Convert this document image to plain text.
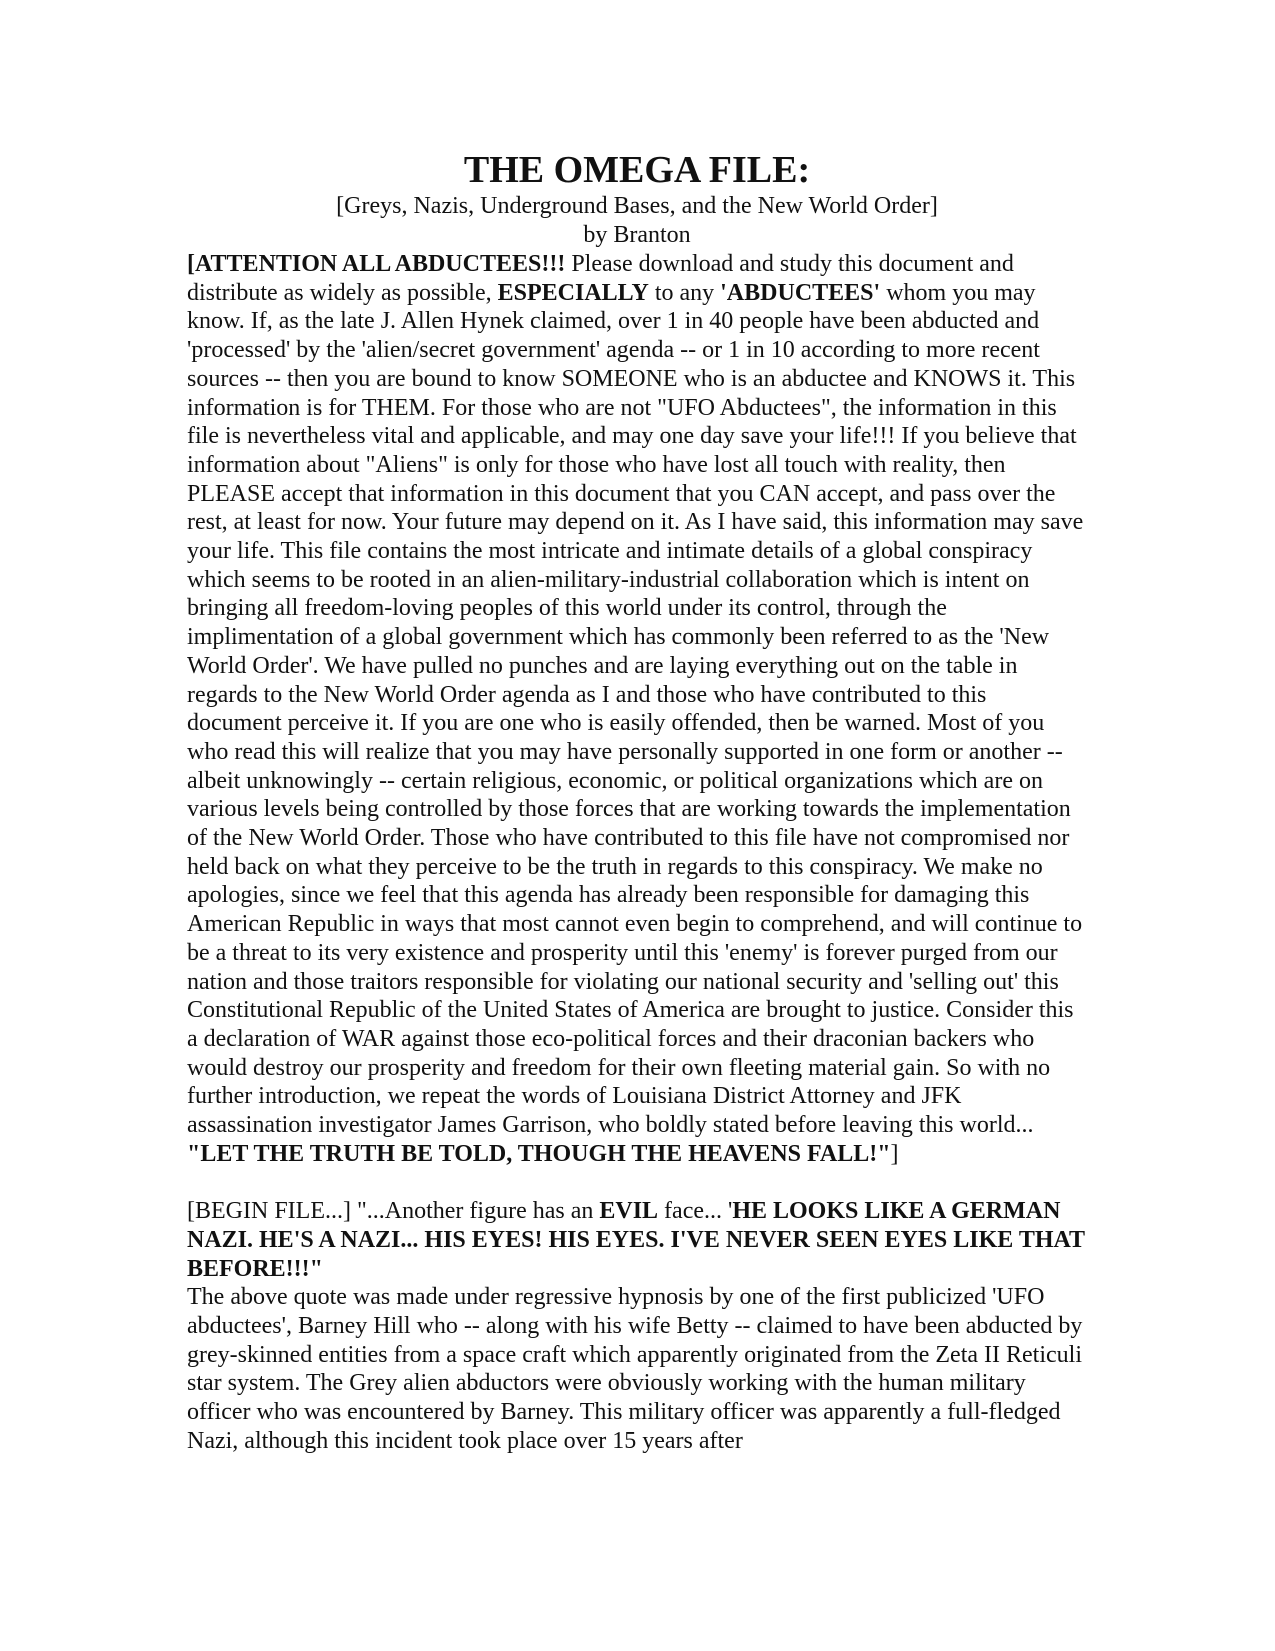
THE OMEGA FILE:
[Greys, Nazis, Underground Bases, and the New World Order]
by Branton

[ATTENTION ALL ABDUCTEES!!! Please download and study this document and distribute as widely as possible, ESPECIALLY to any 'ABDUCTEES' whom you may know. If, as the late J. Allen Hynek claimed, over 1 in 40 people have been abducted and 'processed' by the 'alien/secret government' agenda -- or 1 in 10 according to more recent sources -- then you are bound to know SOMEONE who is an abductee and KNOWS it. This information is for THEM. For those who are not "UFO Abductees", the information in this file is nevertheless vital and applicable, and may one day save your life!!! If you believe that information about "Aliens" is only for those who have lost all touch with reality, then PLEASE accept that information in this document that you CAN accept, and pass over the rest, at least for now. Your future may depend on it. As I have said, this information may save your life. This file contains the most intricate and intimate details of a global conspiracy which seems to be rooted in an alien-military-industrial collaboration which is intent on bringing all freedom-loving peoples of this world under its control, through the implimentation of a global government which has commonly been referred to as the 'New World Order'. We have pulled no punches and are laying everything out on the table in regards to the New World Order agenda as I and those who have contributed to this document perceive it. If you are one who is easily offended, then be warned. Most of you who read this will realize that you may have personally supported in one form or another -- albeit unknowingly -- certain religious, economic, or political organizations which are on various levels being controlled by those forces that are working towards the implementation of the New World Order. Those who have contributed to this file have not compromised nor held back on what they perceive to be the truth in regards to this conspiracy. We make no apologies, since we feel that this agenda has already been responsible for damaging this American Republic in ways that most cannot even begin to comprehend, and will continue to be a threat to its very existence and prosperity until this 'enemy' is forever purged from our nation and those traitors responsible for violating our national security and 'selling out' this Constitutional Republic of the United States of America are brought to justice. Consider this a declaration of WAR against those eco-political forces and their draconian backers who would destroy our prosperity and freedom for their own fleeting material gain. So with no further introduction, we repeat the words of Louisiana District Attorney and JFK assassination investigator James Garrison, who boldly stated before leaving this world... "LET THE TRUTH BE TOLD, THOUGH THE HEAVENS FALL!"]

[BEGIN FILE...] "...Another figure has an EVIL face... 'HE LOOKS LIKE A GERMAN NAZI. HE'S A NAZI... HIS EYES! HIS EYES. I'VE NEVER SEEN EYES LIKE THAT BEFORE!!!"

The above quote was made under regressive hypnosis by one of the first publicized 'UFO abductees', Barney Hill who -- along with his wife Betty -- claimed to have been abducted by grey-skinned entities from a space craft which apparently originated from the Zeta II Reticuli star system. The Grey alien abductors were obviously working with the human military officer who was encountered by Barney. This military officer was apparently a full-fledged Nazi, although this incident took place over 15 years after
